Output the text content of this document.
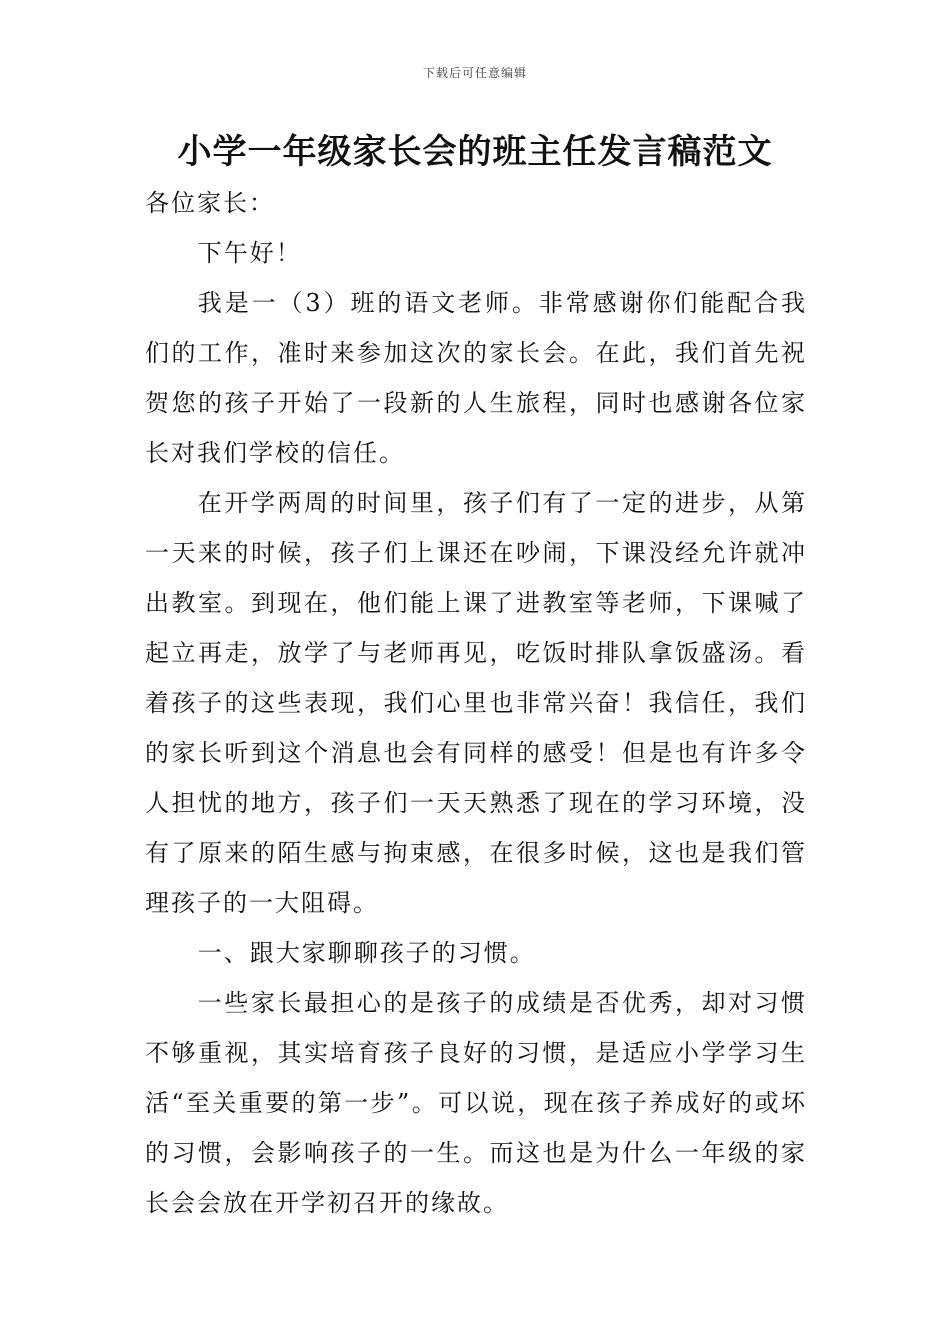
下载后可任意编辑
小学一年级家长会的班主任发言稿范文

各位家长：

下午好！

我是一（3）班的语文老师。非常感谢你们能配合我们的工作，准时来参加这次的家长会。在此，我们首先祝贺您的孩子开始了一段新的人生旅程，同时也感谢各位家长对我们学校的信任。

在开学两周的时间里，孩子们有了一定的进步，从第一天来的时候，孩子们上课还在吵闹，下课没经允许就冲出教室。到现在，他们能上课了进教室等老师，下课喊了起立再走，放学了与老师再见，吃饭时排队拿饭盛汤。看着孩子的这些表现，我们心里也非常兴奋！我信任，我们的家长听到这个消息也会有同样的感受！但是也有许多令人担忧的地方，孩子们一天天熟悉了现在的学习环境，没有了原来的陌生感与拘束感，在很多时候，这也是我们管理孩子的一大阻碍。

一、跟大家聊聊孩子的习惯。

一些家长最担心的是孩子的成绩是否优秀，却对习惯不够重视，其实培育孩子良好的习惯，是适应小学学习生活“至关重要的第一步”。可以说，现在孩子养成好的或坏的习惯，会影响孩子的一生。而这也是为什么一年级的家长会会放在开学初召开的缘故。
